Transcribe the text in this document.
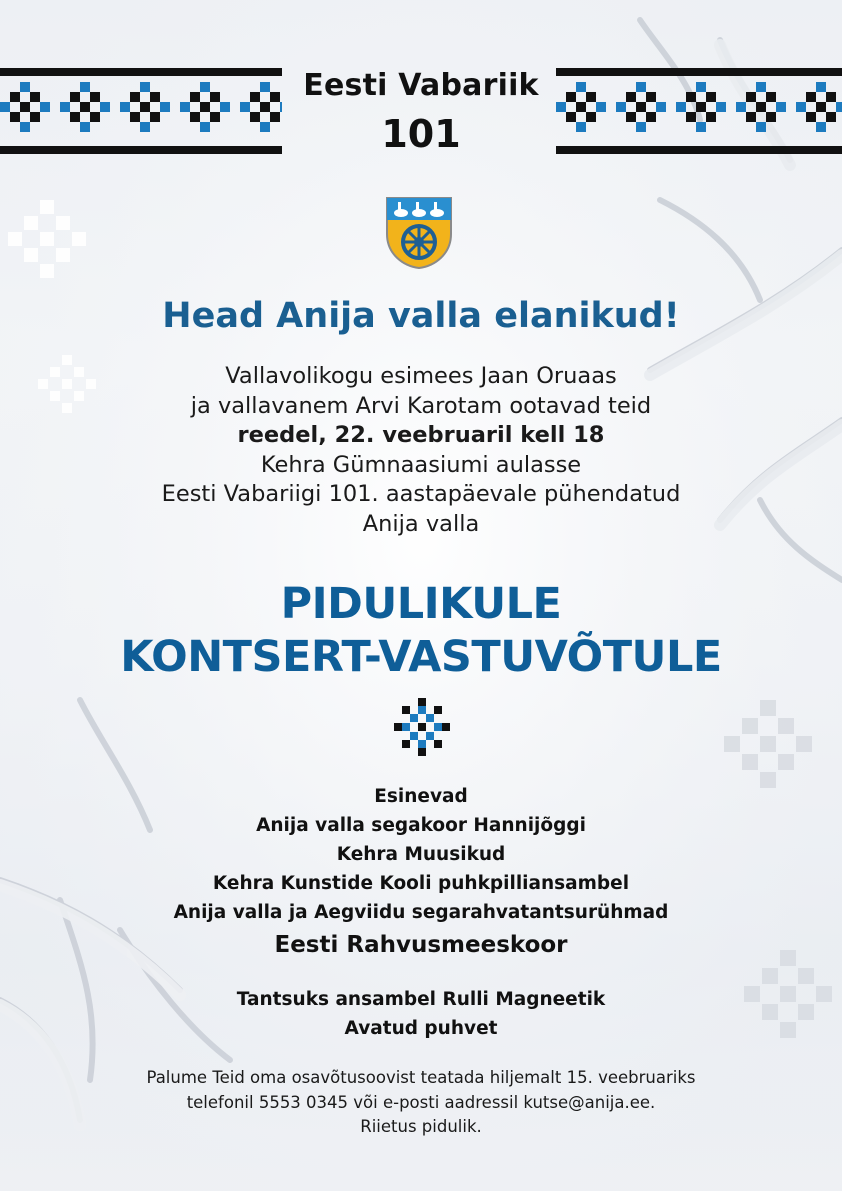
Eesti Vabariik
101
Head Anija valla elanikud!
Vallavolikogu esimees Jaan Oruaas
ja vallavanem Arvi Karotam ootavad teid
reedel, 22. veebruaril kell 18
Kehra Gümnaasiumi aulasse
Eesti Vabariigi 101. aastapäevale pühendatud
Anija valla
PIDULIKULE
KONTSERT-VASTUVÕTULE
Esinevad
Anija valla segakoor Hannijõggi
Kehra Muusikud
Kehra Kunstide Kooli puhkpilliansambel
Anija valla ja Aegviidu segarahvatantsurühmad
Eesti Rahvusmeeskoor
Tantsuks ansambel Rulli Magneetik
Avatud puhvet
Palume Teid oma osavõtusoovist teatada hiljemalt 15. veebruariks
telefonil 5553 0345 või e-posti aadressil kutse@anija.ee.
Riietus pidulik.
